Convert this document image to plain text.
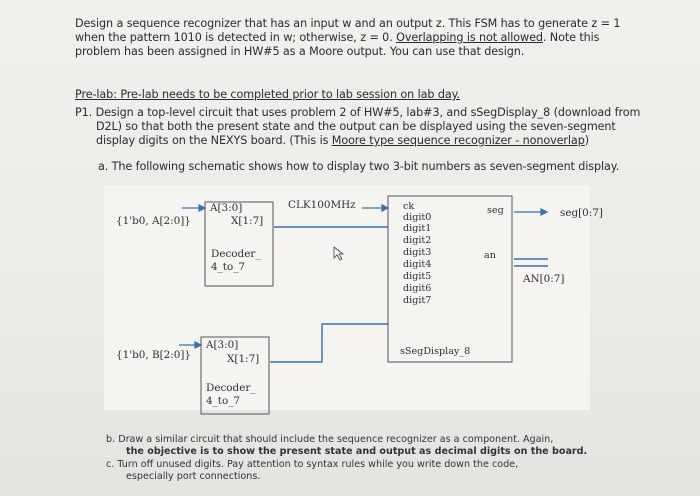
Design a sequence recognizer that has an input w and an output z. This FSM has to generate z = 1
when the pattern 1010 is detected in w; otherwise, z = 0. Overlapping is not allowed. Note this
problem has been assigned in HW#5 as a Moore output. You can use that design.
Pre-lab: Pre-lab needs to be completed prior to lab session on lab day.
P1. Design a top-level circuit that uses problem 2 of HW#5, lab#3, and sSegDisplay_8 (download from
D2L) so that both the present state and the output can be displayed using the seven-segment
display digits on the NEXYS board. (This is Moore type sequence recognizer - nonoverlap)
a. The following schematic shows how to display two 3-bit numbers as seven-segment display.
{1'b0, A[2:0]}
A[3:0]
X[1:7]
Decoder_
4_to_7
CLK100MHz
{1'b0, B[2:0]}
A[3:0]
X[1:7]
Decoder_
4_to_7
ck
digit0
digit1
digit2
digit3
digit4
digit5
digit6
digit7
seg
an
sSegDisplay_8
seg[0:7]
AN[0:7]
b. Draw a similar circuit that should include the sequence recognizer as a component. Again,
the objective is to show the present state and output as decimal digits on the board.
c. Turn off unused digits. Pay attention to syntax rules while you write down the code,
especially port connections.
